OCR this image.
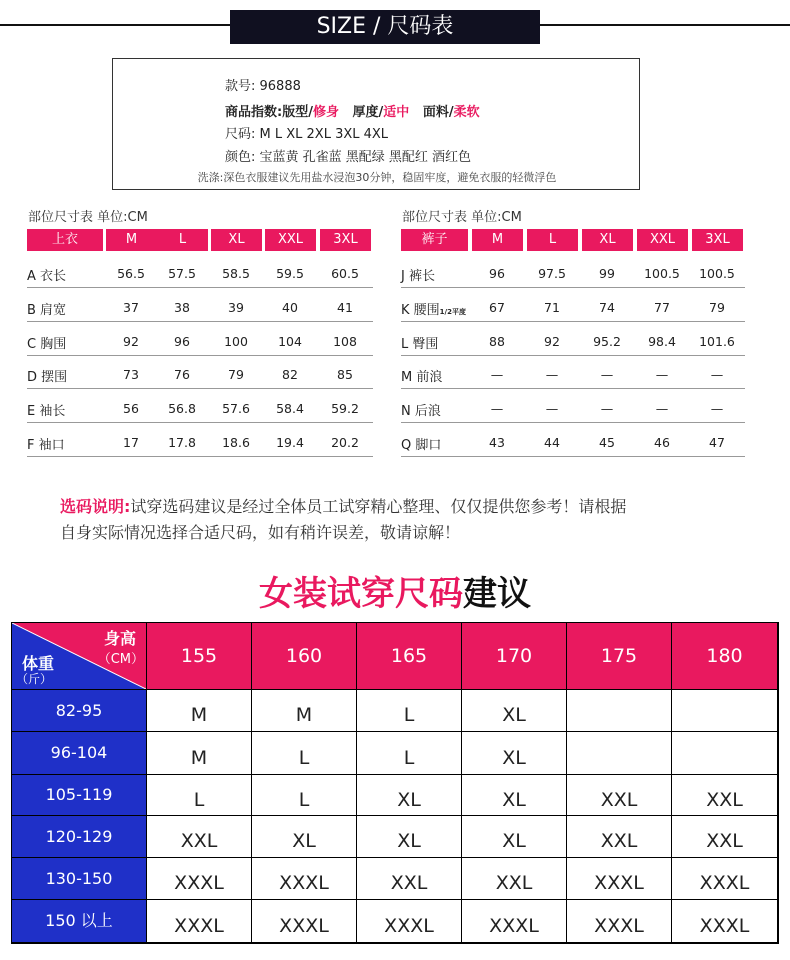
SIZE / 尺码表
款号: 96888
商品指数:版型/修身 厚度/适中 面料/柔软
尺码: M L XL 2XL 3XL 4XL
颜色: 宝蓝黄 孔雀蓝 黑配绿 黑配红 酒红色
洗涤:深色衣服建议先用盐水浸泡30分钟，稳固牢度，避免衣服的轻微浮色
部位尺寸表 单位:CM
上衣	M	L	XL	XXL	3XL
A 衣长	56.5	57.5	58.5	59.5	60.5
B 肩宽	37	38	39	40	41
C 胸围	92	96	100	104	108
D 摆围	73	76	79	82	85
E 袖长	56	56.8	57.6	58.4	59.2
F 袖口	17	17.8	18.6	19.4	20.2
部位尺寸表 单位:CM
裤子	M	L	XL	XXL	3XL
J 裤长	96	97.5	99	100.5	100.5
K 腰围1/2平度	67	71	74	77	79
L 臀围	88	92	95.2	98.4	101.6
M 前浪	—	—	—	—	—
N 后浪	—	—	—	—	—
Q 脚口	43	44	45	46	47
选码说明:试穿选码建议是经过全体员工试穿精心整理、仅仅提供您参考！请根据
自身实际情况选择合适尺码，如有稍许误差，敬请谅解！
女装试穿尺码建议
身高
（CM）
体重
（斤）
155	160	165	170	175	180
82-95	M	M	L	XL
96-104	M	L	L	XL
105-119	L	L	XL	XL	XXL	XXL
120-129	XXL	XL	XL	XL	XXL	XXL
130-150	XXXL	XXXL	XXL	XXL	XXXL	XXXL
150 以上	XXXL	XXXL	XXXL	XXXL	XXXL	XXXL
